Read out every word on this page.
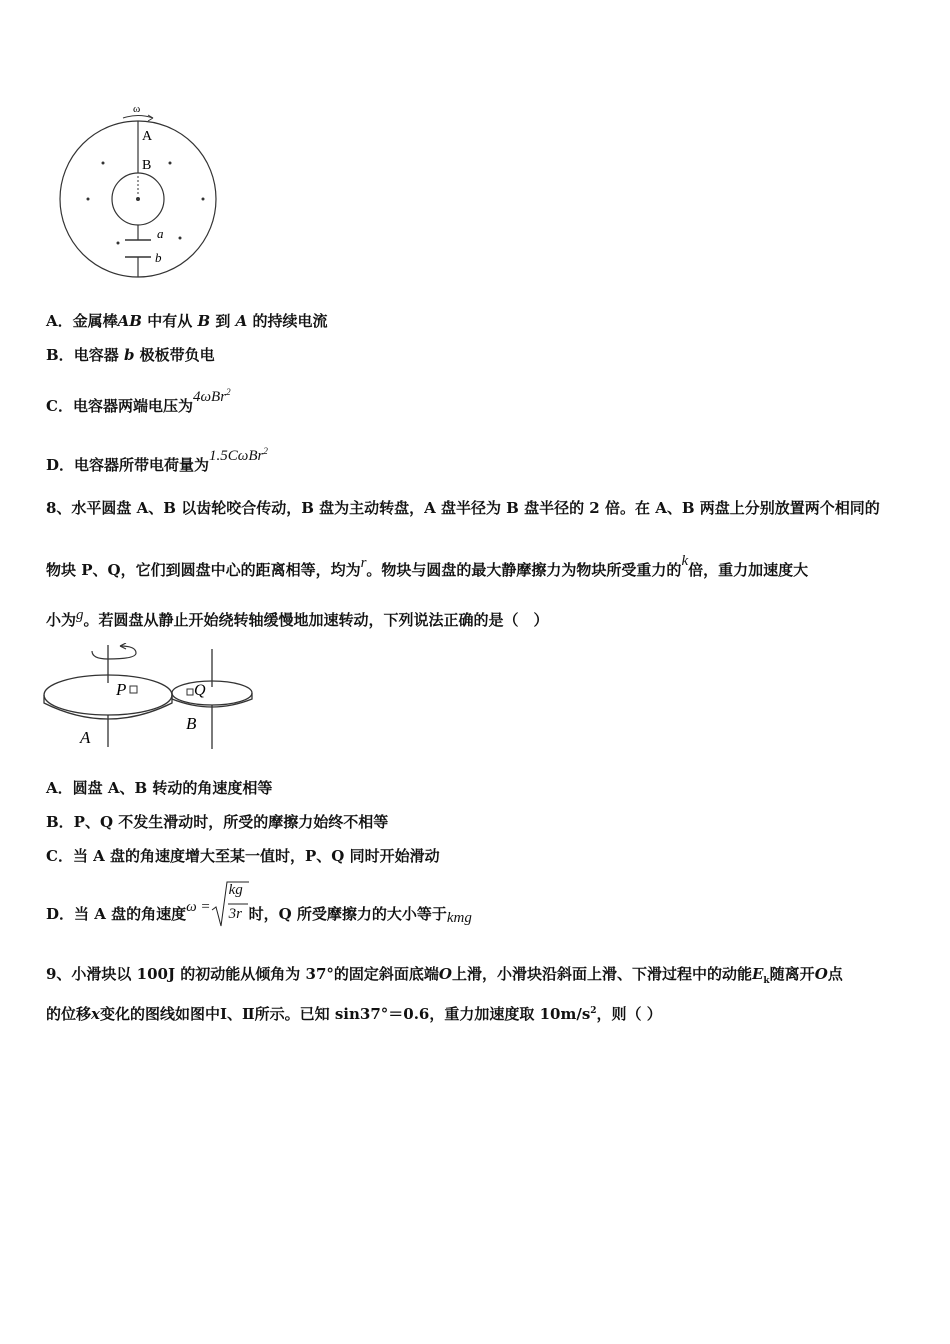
ω
A
B
a
b
A．金属棒AB 中有从 B 到 A 的持续电流
B．电容器 b 极板带负电
C．电容器两端电压为4ωBr$^2$
D．电容器所带电荷量为1.5CωBr$^2$
8、水平圆盘 A、B 以齿轮咬合传动，B 盘为主动转盘，A 盘半径为 B 盘半径的 2 倍。在 A、B 两盘上分别放置两个相同的
物块 P、Q，它们到圆盘中心的距离相等，均为r。物块与圆盘的最大静摩擦力为物块所受重力的k倍，重力加速度大
小为g。若圆盘从静止开始绕转轴缓慢地加速转动，下列说法正确的是（　）
P	Q
A
B
A．圆盘 A、B 转动的角速度相等
B．P、Q 不发生滑动时，所受的摩擦力始终不相等
C．当 A 盘的角速度增大至某一值时，P、Q 同时开始滑动
D．当 A 盘的角速度ω =
kg
3r 时，Q 所受摩擦力的大小等于kmg
9、小滑块以 100J 的初动能从倾角为 37°的固定斜面底端O上滑，小滑块沿斜面上滑、下滑过程中的动能$E_k$随离开O点
的位移x变化的图线如图中Ⅰ、Ⅱ所示。已知 sin37°＝0.6，重力加速度取 $10m/s^2$，则（ ）
